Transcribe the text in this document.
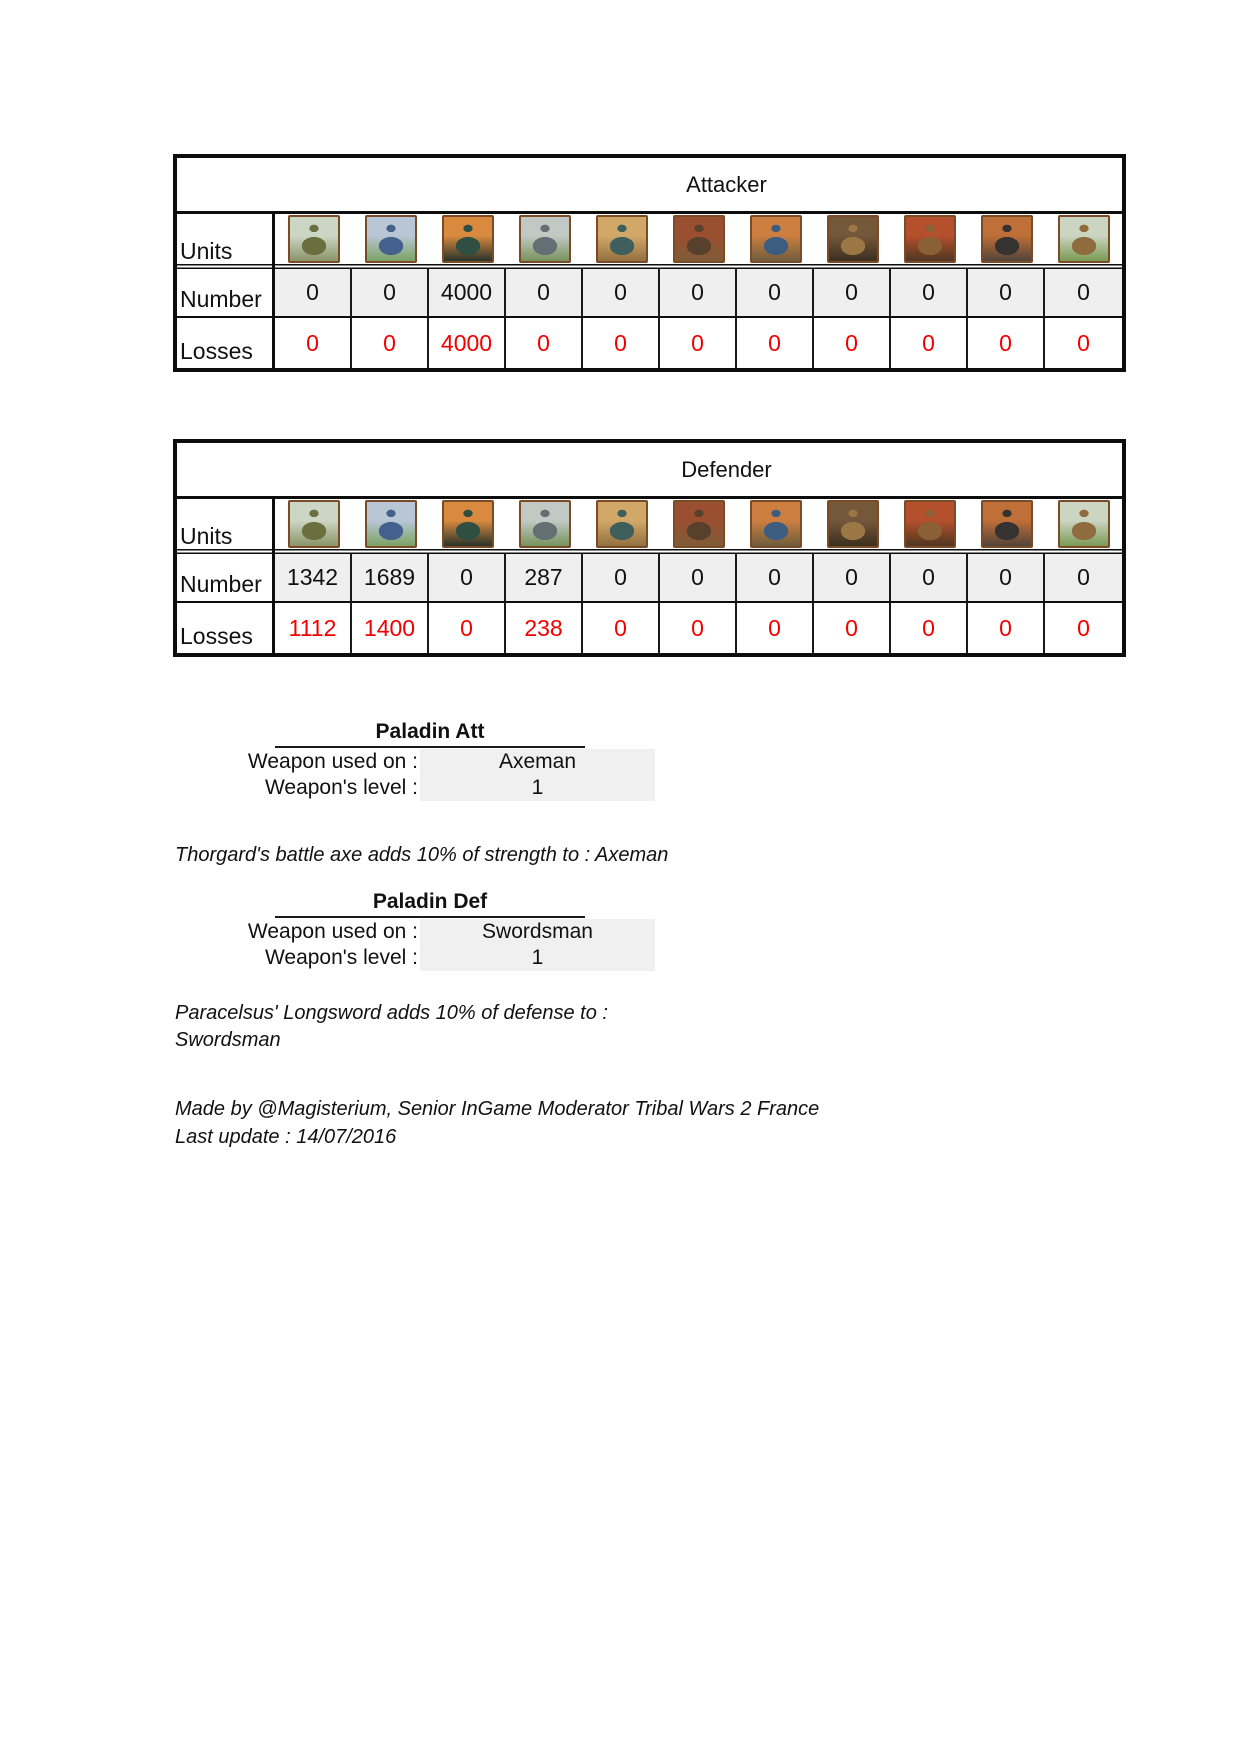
Attacker
Units
Number
Losses
0
0
0
0
4000
4000
0
0
0
0
0
0
0
0
0
0
0
0
0
0
0
0
Defender
Units
Number
Losses
1342
1112
1689
1400
0
0
287
238
0
0
0
0
0
0
0
0
0
0
0
0
0
0
Paladin Att
Weapon used on :
Weapon's level :
Axeman
1
Thorgard's battle axe adds 10% of strength to : Axeman
Paladin Def
Weapon used on :
Weapon's level :
Swordsman
1
Paracelsus' Longsword adds 10% of defense to :
Swordsman
Made by @Magisterium, Senior InGame Moderator Tribal Wars 2 France
Last update : 14/07/2016
